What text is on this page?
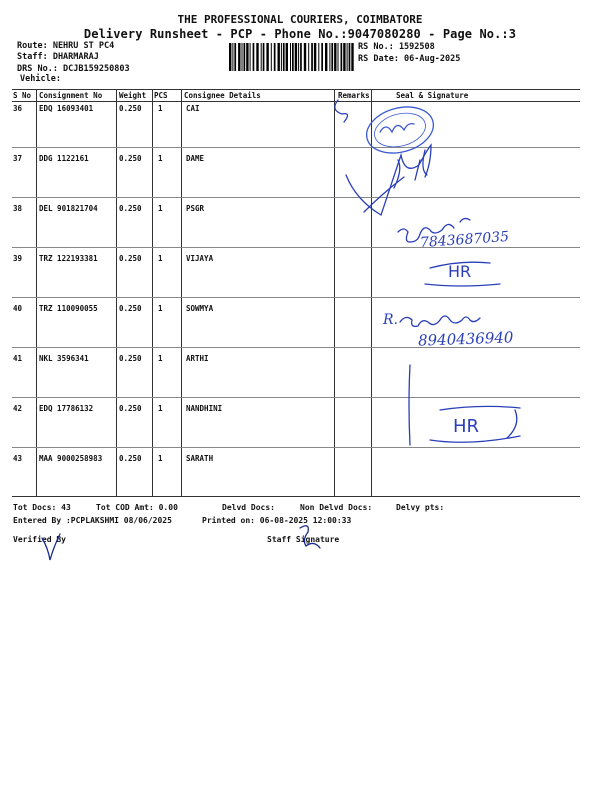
THE PROFESSIONAL COURIERS, COIMBATORE
Delivery Runsheet - PCP - Phone No.:9047080280 - Page No.:3
Route: NEHRU ST PC4
Staff: DHARMARAJ
DRS No.: DCJB159250803
Vehicle:
RS No.: 1592508
RS Date: 06-Aug-2025
S No Consignment No Weight PCS Consignee Details	Remarks	Seal & Signature
36 EDQ 16093401	0.250 1	CAI
37 DDG 1122161	0.250 1	DAME
38 DEL 901821704	0.250 1	PSGR
39 TRZ 122193381	0.250 1	VIJAYA
40 TRZ 110090055	0.250 1	SOWMYA
41 NKL 3596341	0.250 1	ARTHI
42 EDQ 17786132	0.250 1	NANDHINI
43 MAA 9000258983 0.250 1	SARATH
Tot Docs: 43	Tot COD Amt: 0.00	Delvd Docs:	Non Delvd Docs:	Delvy pts:
Entered By :PCPLAKSHMI 08/06/2025	Printed on: 06-08-2025 12:00:33
Verified By	Staff Signature
7843687035
R.
8940436940
HR
HR
